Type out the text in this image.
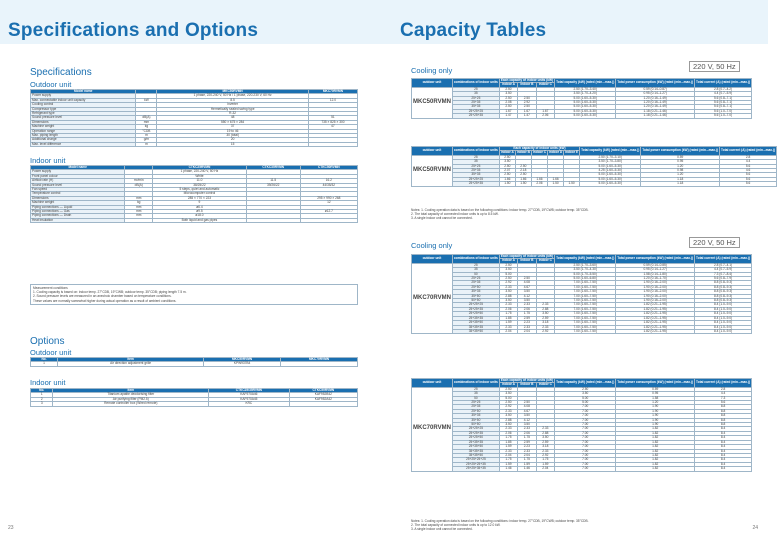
Specifications and Options
Specifications
Outdoor unit
Model name		MKC50RVMN	MKC70RVMN
Power supply		1 phase, 220-240 V, 50 Hz / 1 phase, 220-230 V, 60 Hz	
Max. connectable indoor unit capacity	kW	8.5	12.0
Cooling control		Inverter	
Compressor type		Hermetically sealed swing type	
Refrigerant type		R-32	
Sound pressure level	dB(A)	48	51
Dimensions	mm	550 × 675 × 284	735 × 825 × 300
Machine weight	kg	37	47
Operation range	°CDB	19 to 46	
Max. piping length	m	30 (total)	
Additional charge	g/m	20	
Max. level difference	m	15	
Indoor unit
Model name		CTKC25RVMN	CTKC35RVMN	CTKC50RVMN
Power supply		1 phase, 220-240 V, 50 Hz		
Front panel colour		White		
Airflow rate (H)	m³/min	11.0	11.5	16.2
Sound pressure level	dB(A)	38/25/22	39/26/22	44/35/32
Fan speed		5 steps, quiet and automatic		
Temperature control		Microcomputer control		
Dimensions	mm	285 × 770 × 223		295 × 990 × 268
Machine weight	kg	9		12
Piping connections — Liquid	mm	ø6.4		
Piping connections — Gas	mm	ø9.5		ø12.7
Piping connections — Drain	mm	ø18.0		
Heat insulation		Both liquid and gas pipes		
Measurement conditions
1. Cooling capacity is based on: indoor temp. 27°CDB, 19°CWB; outdoor temp. 35°CDB; piping length 7.5 m.
2. Sound pressure levels are measured in an anechoic chamber based on temperature conditions.
These values are normally somewhat higher during actual operation as a result of ambient conditions.
Options
Outdoor unit
No.	Item	MKC50RVMN	MKC70RVMN
1	Air direction adjustment grille	KPW937B4	
Indoor unit
No.	Item	CTKC25/35RVMN	CTKC50RVMN
1	Titanium apatite deodorising filter	KAF970A46	KAF952B42
2	Air purifying filter (PM2.5)	KAF970A45	KAF952A42
3	Remote controller box (Wired remote)	KRC	
23
Capacity Tables
Cooling only	220 V, 50 Hz
outdoor unit	combinations of indoor units	Each capacity of indoor units (kW)			Total capacity (kW) (rated (min.–max.))	Total power consumption (kW) (rated (min.–max.))	Total current (A) (rated (min.–max.))
		indoor A	indoor B	indoor C			
MKC50RVMN	25	2.50			2.50 (1.70–3.40)	0.59 (0.14–0.87)	2.8 (0.7–4.2)
	35	3.50			3.50 (1.70–4.20)	0.95 (0.14–1.27)	4.4 (0.7–5.9)
	25+25	2.50	2.50		5.00 (1.60–5.30)	1.20 (0.16–1.49)	5.6 (0.8–7.1)
	25+35	2.08	2.92		5.00 (1.60–5.30)	1.20 (0.16–1.49)	5.6 (0.8–7.1)
	35+35	2.50	2.50		5.00 (1.60–5.30)	1.20 (0.16–1.49)	5.6 (0.8–7.1)
	25+25+25	1.67	1.67	1.67	5.00 (1.60–5.30)	1.18 (0.21–1.46)	5.6 (1.0–7.0)
	25+25+35	1.47	1.47	2.06	5.00 (1.60–5.30)	1.18 (0.21–1.46)	5.6 (1.0–7.0)
outdoor unit	combinations of indoor units	Each capacity of indoor units (kW)					Total capacity (kW) (rated (min.–max.))	Total power consumption (kW) (rated (min.–max.))	Total current (A) (rated (min.–max.))
		indoor A	indoor B	indoor C	indoor D	indoor E			
MKC50RVMN	25	2.50					2.50 (1.70–3.10)	0.59	2.8
	35	3.50					3.50 (1.70–3.80)	0.95	4.4
	25+25	2.50	2.50				5.00 (1.60–5.30)	1.20	5.6
	25+35	2.07	2.18				4.25 (1.60–5.30)	0.98	4.6
	35+35	2.50	2.50				5.00 (1.60–5.30)	1.20	5.6
	25+25+25	1.66	1.66	1.66	1.66		5.00 (1.60–5.30)	1.18	5.6
	25+25+35	1.50	1.50	2.06	1.50	1.50	5.00 (1.60–5.30)	1.18	5.6
Notes: 1. Cooling operation data is based on the following conditions: indoor temp. 27°CDB, 19°CWB; outdoor temp. 35°CDB.
2. The total capacity of connected indoor units is up to 8.5 kW.
3. A single indoor unit cannot be connected.
Cooling only	220 V, 50 Hz
outdoor unit	combinations of indoor units	Each capacity of indoor units (kW)			Total capacity (kW) (rated (min.–max.))	Total power consumption (kW) (rated (min.–max.))	Total current (A) (rated (min.–max.))
		indoor A	indoor B	indoor C			
MKC70RVMN	25	2.50			2.50 (1.70–3.60)	0.59 (0.14–0.85)	2.8 (0.7–4.1)
	35	3.50			3.50 (1.70–4.30)	0.95 (0.14–1.27)	4.4 (0.7–5.9)
	50	5.00			5.00 (1.70–5.50)	1.58 (0.14–1.80)	7.3 (0.7–8.4)
	25+25	2.50	2.50		5.00 (1.60–6.80)	1.20 (0.16–1.70)	5.6 (0.8–7.9)
	25+35	2.92	4.08		7.00 (1.60–7.50)	1.90 (0.16–2.00)	8.8 (0.8–9.3)
	25+50	2.33	4.67		7.00 (1.60–7.50)	1.90 (0.16–2.00)	8.8 (0.8–9.3)
	35+35	3.50	3.50		7.00 (1.60–7.50)	1.90 (0.16–2.00)	8.8 (0.8–9.3)
	35+50	2.88	4.12		7.00 (1.60–7.50)	1.90 (0.16–2.00)	8.8 (0.8–9.3)
	50+50	3.50	3.50		7.00 (1.60–7.50)	1.90 (0.16–2.00)	8.8 (0.8–9.3)
	25+25+25	2.33	2.33	2.33	7.00 (1.60–7.50)	1.82 (0.21–1.95)	8.4 (1.0–9.0)
	25+25+35	2.06	2.06	2.88	7.00 (1.60–7.50)	1.82 (0.21–1.95)	8.4 (1.0–9.0)
	25+25+50	1.75	1.75	3.50	7.00 (1.60–7.50)	1.82 (0.21–1.95)	8.4 (1.0–9.0)
	25+35+35	1.85	2.59	2.59	7.00 (1.60–7.50)	1.82 (0.21–1.95)	8.4 (1.0–9.0)
	25+35+50	1.59	2.23	3.18	7.00 (1.60–7.50)	1.82 (0.21–1.95)	8.4 (1.0–9.0)
	35+35+35	2.33	2.33	2.33	7.00 (1.60–7.50)	1.82 (0.21–1.95)	8.4 (1.0–9.0)
	35+35+50	2.04	2.04	2.92	7.00 (1.60–7.50)	1.82 (0.21–1.95)	8.4 (1.0–9.0)
outdoor unit	combinations of indoor units	Each capacity of indoor units (kW)			Total capacity (kW) (rated (min.–max.))	Total power consumption (kW) (rated (min.–max.))	Total current (A) (rated (min.–max.))
		indoor A	indoor B	indoor C			
MKC70RVMN	25	2.50			2.50	0.59	2.8
	35	3.50			3.50	0.95	4.4
	50	5.00			5.00	1.58	7.3
	25+25	2.50	2.50		5.00	1.20	5.6
	25+35	2.92	4.08		7.00	1.90	8.8
	25+50	2.33	4.67		7.00	1.90	8.8
	35+35	3.50	3.50		7.00	1.90	8.8
	35+50	2.88	4.12		7.00	1.90	8.8
	50+50	3.50	3.50		7.00	1.90	8.8
	25+25+25	2.33	2.33	2.33	7.00	1.82	8.4
	25+25+35	2.06	2.06	2.88	7.00	1.82	8.4
	25+25+50	1.75	1.75	3.50	7.00	1.82	8.4
	25+35+35	1.85	2.59	2.59	7.00	1.82	8.4
	25+35+50	1.59	2.23	3.18	7.00	1.82	8.4
	35+35+35	2.33	2.33	2.33	7.00	1.82	8.4
	35+35+50	2.04	2.04	2.92	7.00	1.82	8.4
	25+25+25+25	1.75	1.75	1.75	7.00	1.82	8.4
	25+25+25+35	1.59	1.59	1.59	7.00	1.82	8.4
	25+25+35+35	1.46	1.46	2.04	7.00	1.82	8.4
Notes: 1. Cooling operation data is based on the following conditions: indoor temp. 27°CDB, 19°CWB; outdoor temp. 35°CDB.
2. The total capacity of connected indoor units is up to 12.0 kW.
3. A single indoor unit cannot be connected.	24
